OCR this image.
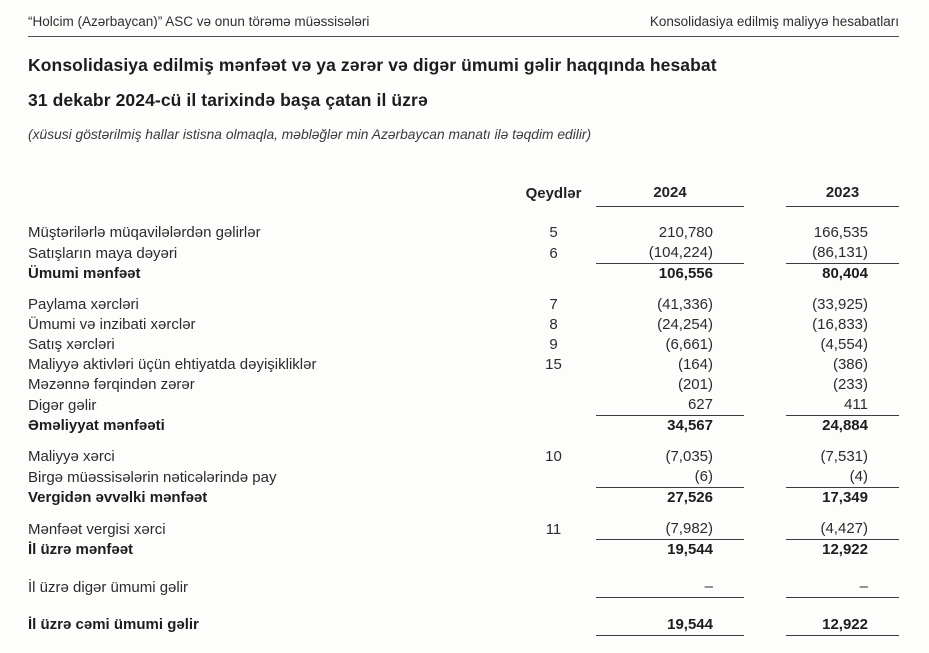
“Holcim (Azərbaycan)” ASC və onun törəmə müəssisələri	Konsolidasiya edilmiş maliyyə hesabatları
Konsolidasiya edilmiş mənfəət və ya zərər və digər ümumi gəlir haqqında hesabat
31 dekabr 2024-cü il tarixində başa çatan il üzrə

(xüsusi göstərilmiş hallar istisna olmaqla, məbləğlər min Azərbaycan manatı ilə təqdim edilir)

	Qeydlər	2024		2023
Müştərilərlə müqavilələrdən gəlirlər	5	210,780		166,535
Satışların maya dəyəri	6	(104,224)		(86,131)
Ümumi mənfəət		106,556		80,404

Paylama xərcləri	7	(41,336)		(33,925)
Ümumi və inzibati xərclər	8	(24,254)		(16,833)
Satış xərcləri	9	(6,661)		(4,554)
Maliyyə aktivləri üçün ehtiyatda dəyişikliklər	15	(164)		(386)
Məzənnə fərqindən zərər		(201)		(233)
Digər gəlir		627		411
Əməliyyat mənfəəti		34,567		24,884

Maliyyə xərci	10	(7,035)		(7,531)
Birgə müəssisələrin nəticələrində pay		(6)		(4)
Vergidən əvvəlki mənfəət		27,526		17,349

Mənfəət vergisi xərci	11	(7,982)		(4,427)
İl üzrə mənfəət		19,544		12,922

İl üzrə digər ümumi gəlir		–		–

İl üzrə cəmi ümumi gəlir		19,544		12,922
